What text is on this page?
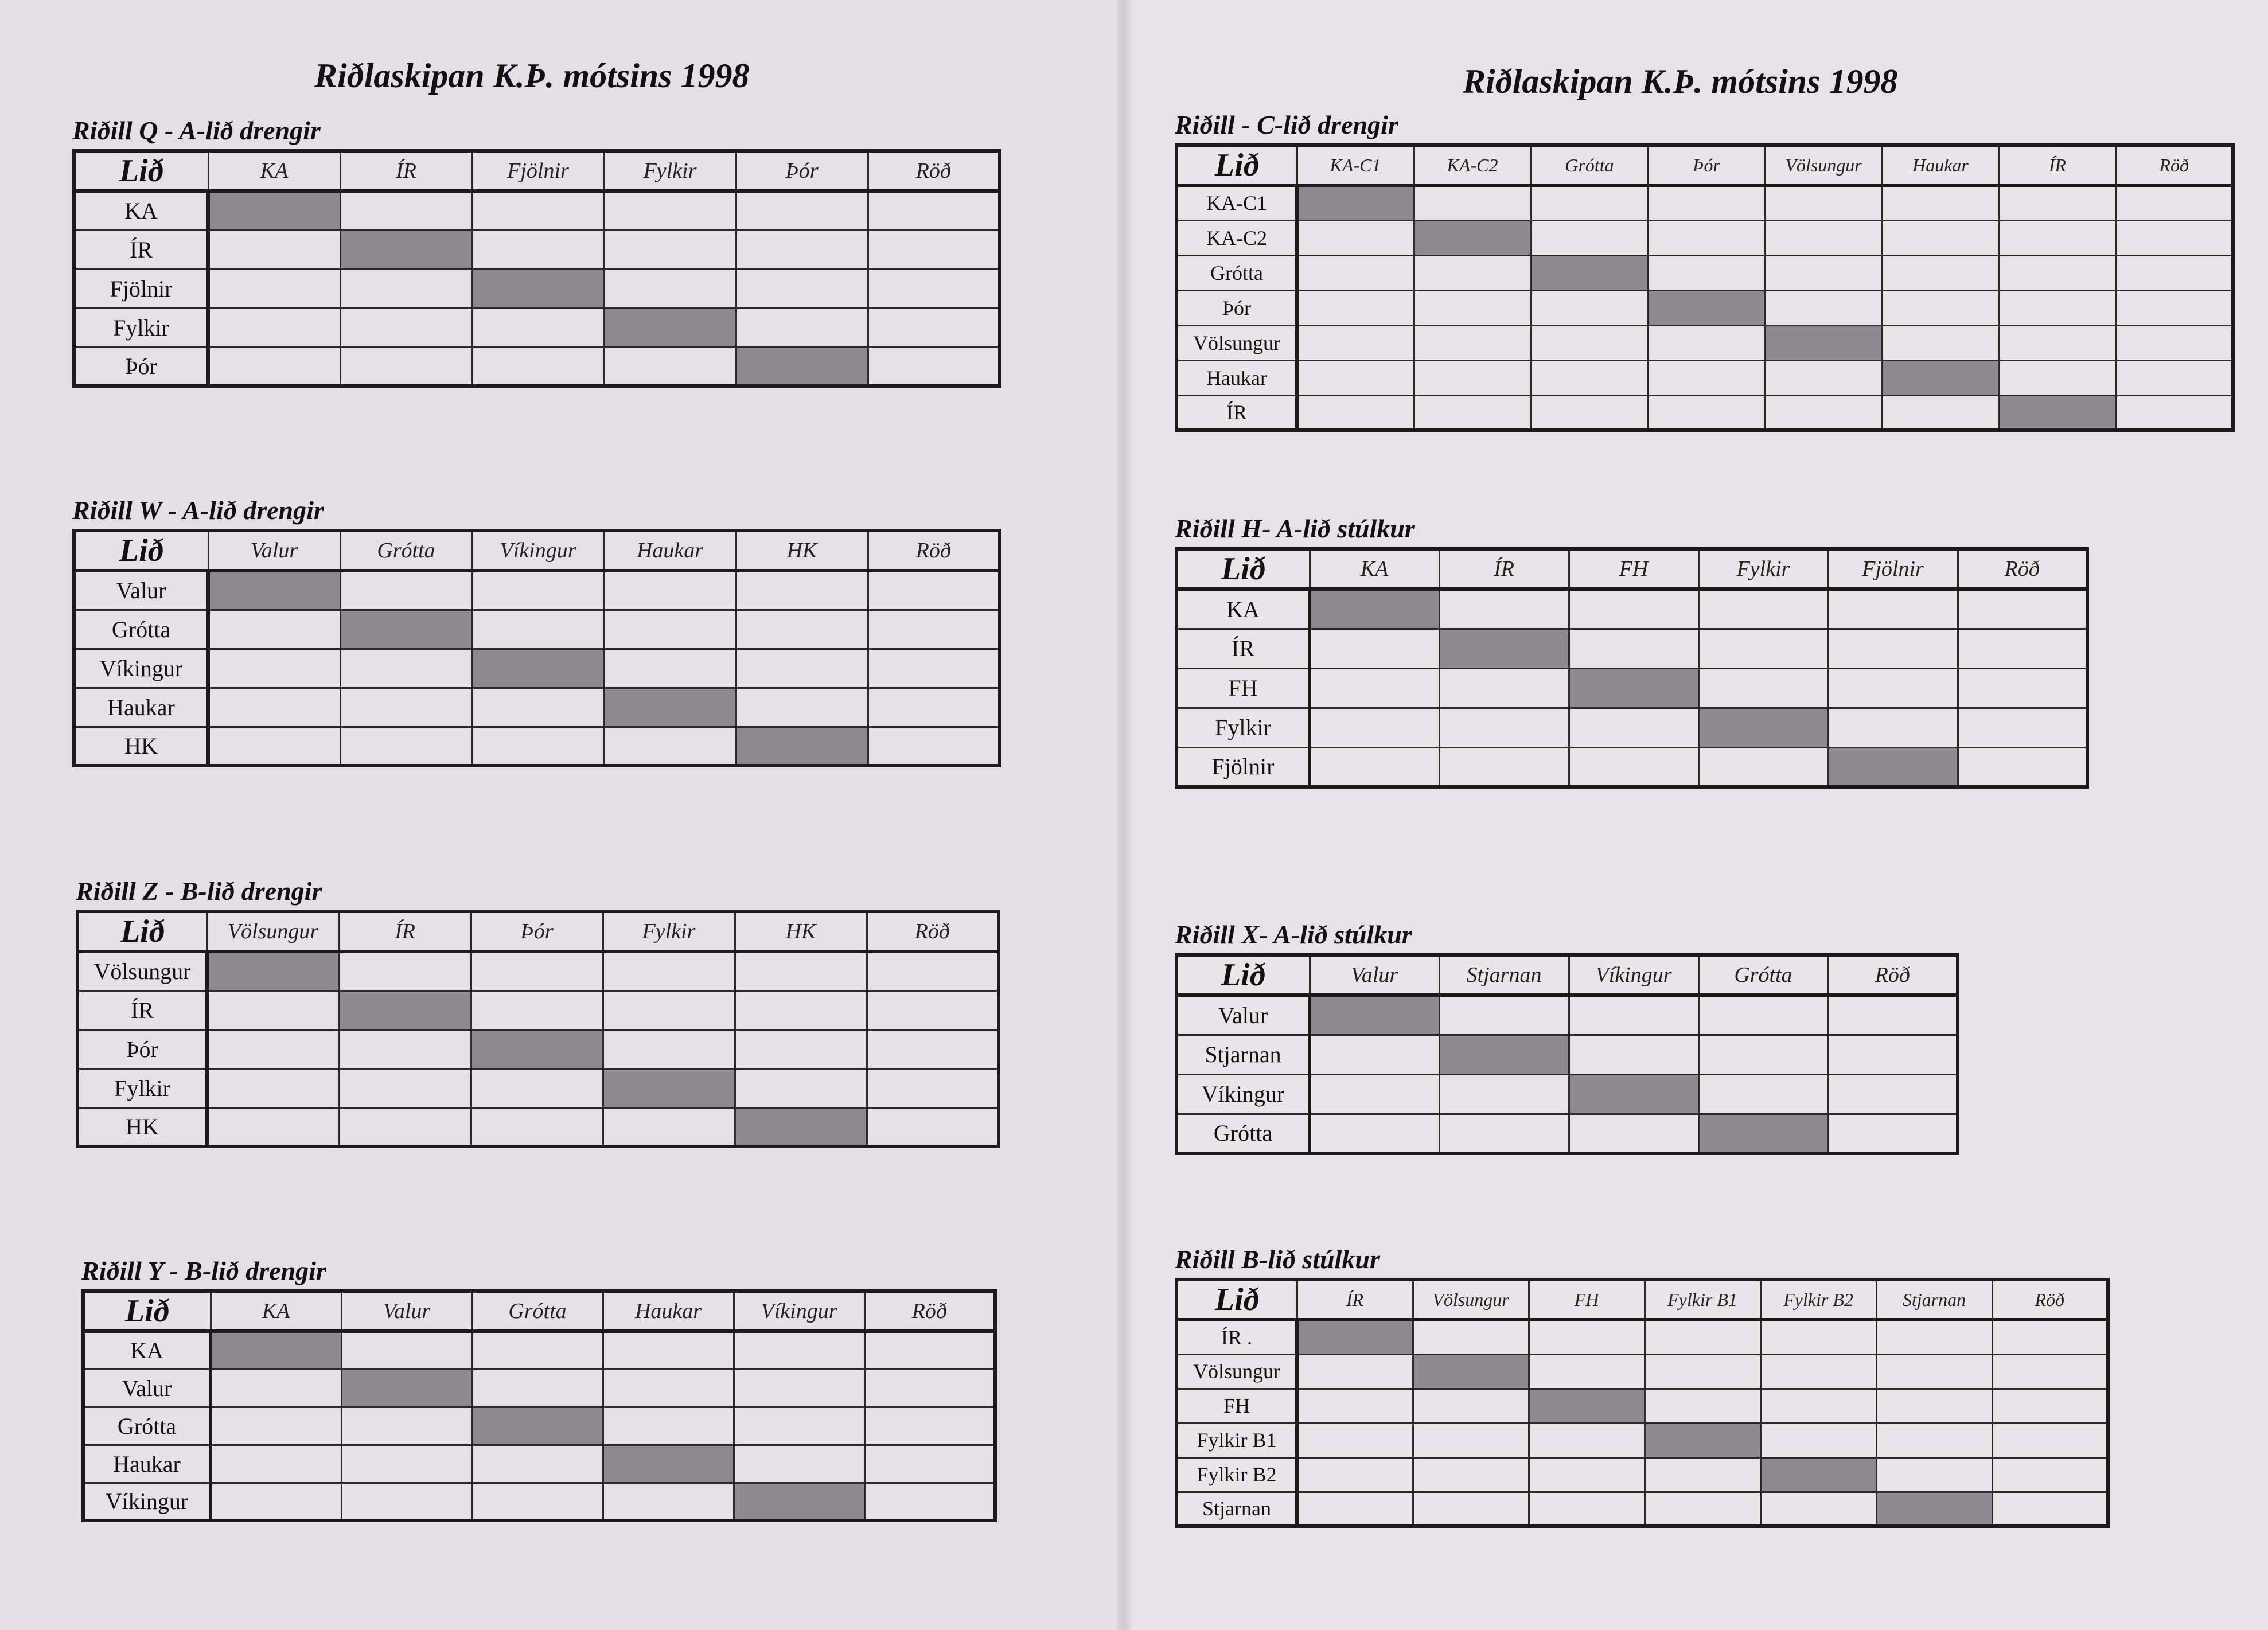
Riðlaskipan K.Þ. mótsins 1998
Riðill Q - A-lið drengir
Lið	KA	ÍR	Fjölnir	Fylkir	Þór	Röð
KA						
ÍR						
Fjölnir						
Fylkir						
Þór						
Riðill W - A-lið drengir
Lið	Valur	Grótta	Víkingur	Haukar	HK	Röð
Valur						
Grótta						
Víkingur						
Haukar						
HK						
Riðill Z - B-lið drengir
Lið	Völsungur	ÍR	Þór	Fylkir	HK	Röð
Völsungur						
ÍR						
Þór						
Fylkir						
HK						
Riðill Y - B-lið drengir
Lið	KA	Valur	Grótta	Haukar	Víkingur	Röð
KA						
Valur						
Grótta						
Haukar						
Víkingur						
Riðlaskipan K.Þ. mótsins 1998
Riðill - C-lið drengir
Lið	KA-C1	KA-C2	Grótta	Þór	Völsungur	Haukar	ÍR	Röð
KA-C1								
KA-C2								
Grótta								
Þór								
Völsungur								
Haukar								
ÍR								
Riðill H- A-lið stúlkur
Lið	KA	ÍR	FH	Fylkir	Fjölnir	Röð
KA						
ÍR						
FH						
Fylkir						
Fjölnir						
Riðill X- A-lið stúlkur
Lið	Valur	Stjarnan	Víkingur	Grótta	Röð
Valur					
Stjarnan					
Víkingur					
Grótta					
Riðill B-lið stúlkur
Lið	ÍR	Völsungur	FH	Fylkir B1	Fylkir B2	Stjarnan	Röð
ÍR .							
Völsungur							
FH							
Fylkir B1							
Fylkir B2							
Stjarnan							
